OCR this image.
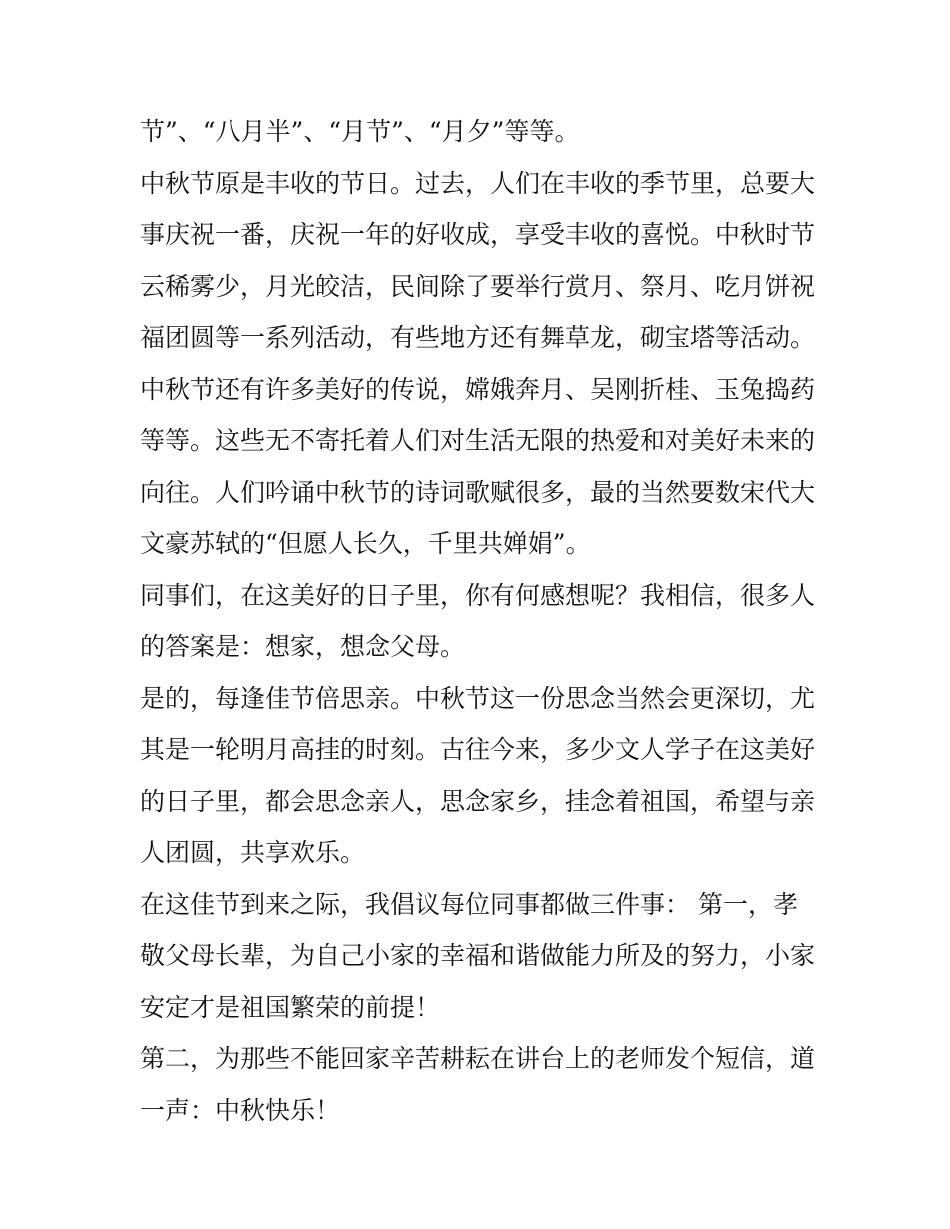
节”、“八月半”、“月节”、“月夕”等等。

中秋节原是丰收的节日。过去，人们在丰收的季节里，总要大
事庆祝一番，庆祝一年的好收成，享受丰收的喜悦。中秋时节
云稀雾少，月光皎洁，民间除了要举行赏月、祭月、吃月饼祝
福团圆等一系列活动，有些地方还有舞草龙，砌宝塔等活动。

中秋节还有许多美好的传说，嫦娥奔月、吴刚折桂、玉兔捣药
等等。这些无不寄托着人们对生活无限的热爱和对美好未来的
向往。人们吟诵中秋节的诗词歌赋很多，最的当然要数宋代大
文豪苏轼的“但愿人长久，千里共婵娟”。

同事们，在这美好的日子里，你有何感想呢？我相信，很多人
的答案是：想家，想念父母。

是的，每逢佳节倍思亲。中秋节这一份思念当然会更深切，尤
其是一轮明月高挂的时刻。古往今来，多少文人学子在这美好
的日子里，都会思念亲人，思念家乡，挂念着祖国，希望与亲
人团圆，共享欢乐。

在这佳节到来之际，我倡议每位同事都做三件事： 第一，孝
敬父母长辈，为自己小家的幸福和谐做能力所及的努力，小家
安定才是祖国繁荣的前提！

第二，为那些不能回家辛苦耕耘在讲台上的老师发个短信，道
一声：中秋快乐！
